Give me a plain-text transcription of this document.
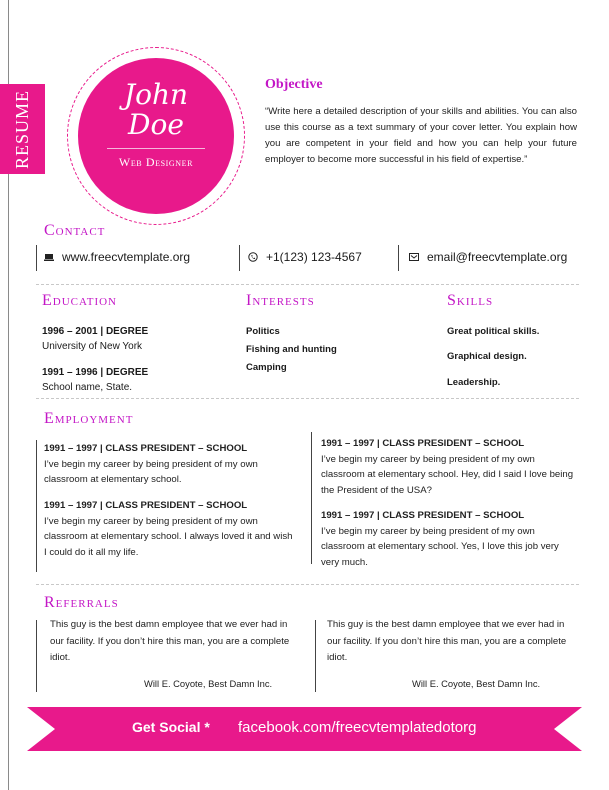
RESUME	John
Doe
Web Designer
Objective
“Write here a detailed description of your skills and abilities. You can also use this course as a text summary of your cover letter. You explain how you are competent in your field and how you can help your future employer to become more successful in his field of expertise.”
Contact
www.freecvtemplate.org	+1(123) 123-4567	email@freecvtemplate.org
Education
1996 – 2001 | DEGREE
University of New York
1991 – 1996 | DEGREE
School name, State.
Interests
Politics
Fishing and hunting
Camping
Skills
Great political skills.
Graphical design.
Leadership.
Employment
1991 – 1997 | CLASS PRESIDENT – SCHOOL
I’ve begin my career by being president of my own classroom at elementary school.
1991 – 1997 | CLASS PRESIDENT – SCHOOL
I’ve begin my career by being president of my own classroom at elementary school. I always loved it and wish I could do it all my life.
1991 – 1997 | CLASS PRESIDENT – SCHOOL
I’ve begin my career by being president of my own classroom at elementary school. Hey, did I said I love being the President of the USA?
1991 – 1997 | CLASS PRESIDENT – SCHOOL
I’ve begin my career by being president of my own classroom at elementary school. Yes, I love this job very very much.
Referrals
This guy is the best damn employee that we ever had in our facility. If you don’t hire this man, you are a complete idiot.
Will E. Coyote, Best Damn Inc.
This guy is the best damn employee that we ever had in our facility. If you don’t hire this man, you are a complete idiot.
Will E. Coyote, Best Damn Inc.
Get Social * facebook.com/freecvtemplatedotorg
